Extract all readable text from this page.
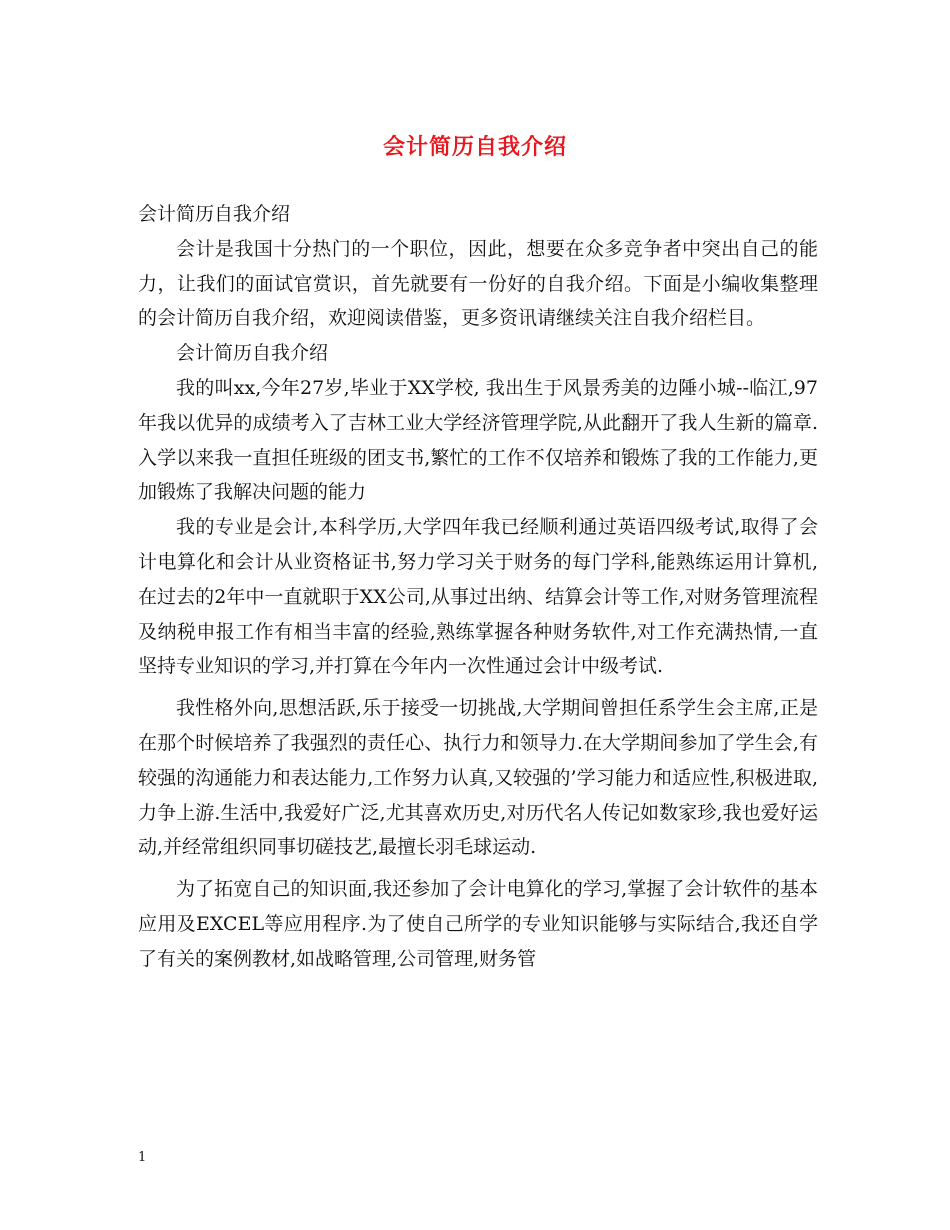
会计简历自我介绍

会计简历自我介绍

会计是我国十分热门的一个职位，因此，想要在众多竞争者中突出自己的能力，让我们的面试官赏识，首先就要有一份好的自我介绍。下面是小编收集整理的会计简历自我介绍，欢迎阅读借鉴，更多资讯请继续关注自我介绍栏目。

会计简历自我介绍

我的叫xx,今年27岁,毕业于XX学校, 我出生于风景秀美的边陲小城--临江,97年我以优异的成绩考入了吉林工业大学经济管理学院,从此翻开了我人生新的篇章.入学以来我一直担任班级的团支书,繁忙的工作不仅培养和锻炼了我的工作能力,更加锻炼了我解决问题的能力

我的专业是会计,本科学历,大学四年我已经顺利通过英语四级考试,取得了会计电算化和会计从业资格证书,努力学习关于财务的每门学科,能熟练运用计算机,在过去的2年中一直就职于XX公司,从事过出纳、结算会计等工作,对财务管理流程及纳税申报工作有相当丰富的经验,熟练掌握各种财务软件,对工作充满热情,一直坚持专业知识的学习,并打算在今年内一次性通过会计中级考试.

我性格外向,思想活跃,乐于接受一切挑战,大学期间曾担任系学生会主席,正是在那个时候培养了我强烈的责任心、执行力和领导力.在大学期间参加了学生会,有较强的沟通能力和表达能力,工作努力认真,又较强的’学习能力和适应性,积极进取,力争上游.生活中,我爱好广泛,尤其喜欢历史,对历代名人传记如数家珍,我也爱好运动,并经常组织同事切磋技艺,最擅长羽毛球运动.

为了拓宽自己的知识面,我还参加了会计电算化的学习,掌握了会计软件的基本应用及EXCEL等应用程序.为了使自己所学的专业知识能够与实际结合,我还自学了有关的案例教材,如战略管理,公司管理,财务管

1
